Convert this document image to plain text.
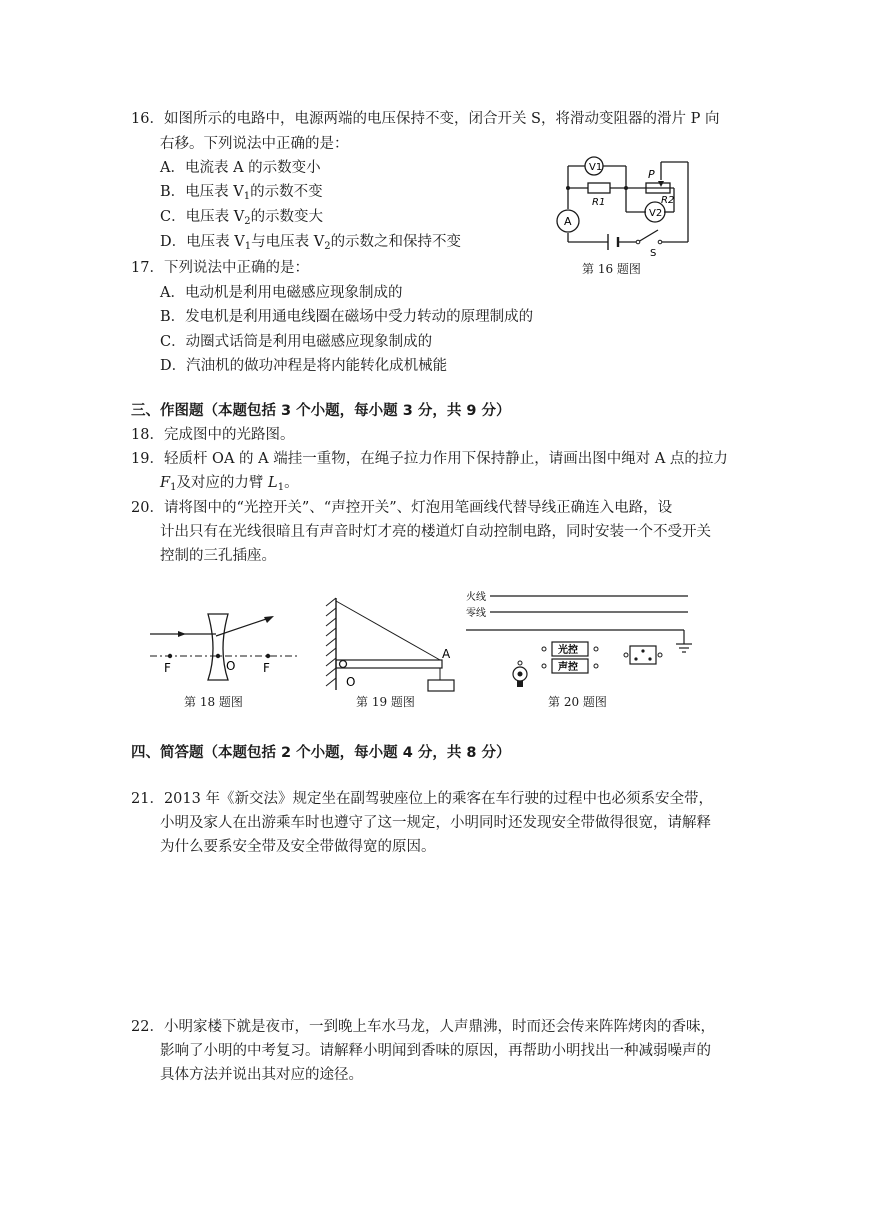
16．如图所示的电路中，电源两端的电压保持不变，闭合开关 S，将滑动变阻器的滑片 P 向
右移。下列说法中正确的是：
A．电流表 A 的示数变小
B．电压表 $V_1$的示数不变
C．电压表 $V_2$的示数变大
D．电压表 $V_1$与电压表 $V_2$的示数之和保持不变
V1
A
V2
R1	R2
P
S
第 16 题图
17．下列说法中正确的是：
A．电动机是利用电磁感应现象制成的
B．发电机是利用通电线圈在磁场中受力转动的原理制成的
C．动圈式话筒是利用电磁感应现象制成的
D．汽油机的做功冲程是将内能转化成机械能
三、作图题（本题包括 3 个小题，每小题 3 分，共 9 分）
18．完成图中的光路图。
19．轻质杆 OA 的 A 端挂一重物，在绳子拉力作用下保持静止，请画出图中绳对 A 点的拉力
$F_1$及对应的力臂 $L_1$。
20．请将图中的“光控开关”、“声控开关”、灯泡用笔画线代替导线正确连入电路，设
计出只有在光线很暗且有声音时灯才亮的楼道灯自动控制电路，同时安装一个不受开关
控制的三孔插座。
F	O F
第 18 题图
A
O
第 19 题图
火线
零线
光控
声控
第 20 题图
四、简答题（本题包括 2 个小题，每小题 4 分，共 8 分）
21．2013 年《新交法》规定坐在副驾驶座位上的乘客在车行驶的过程中也必须系安全带，
小明及家人在出游乘车时也遵守了这一规定，小明同时还发现安全带做得很宽，请解释
为什么要系安全带及安全带做得宽的原因。
22．小明家楼下就是夜市，一到晚上车水马龙，人声鼎沸，时而还会传来阵阵烤肉的香味，
影响了小明的中考复习。请解释小明闻到香味的原因，再帮助小明找出一种减弱噪声的
具体方法并说出其对应的途径。
